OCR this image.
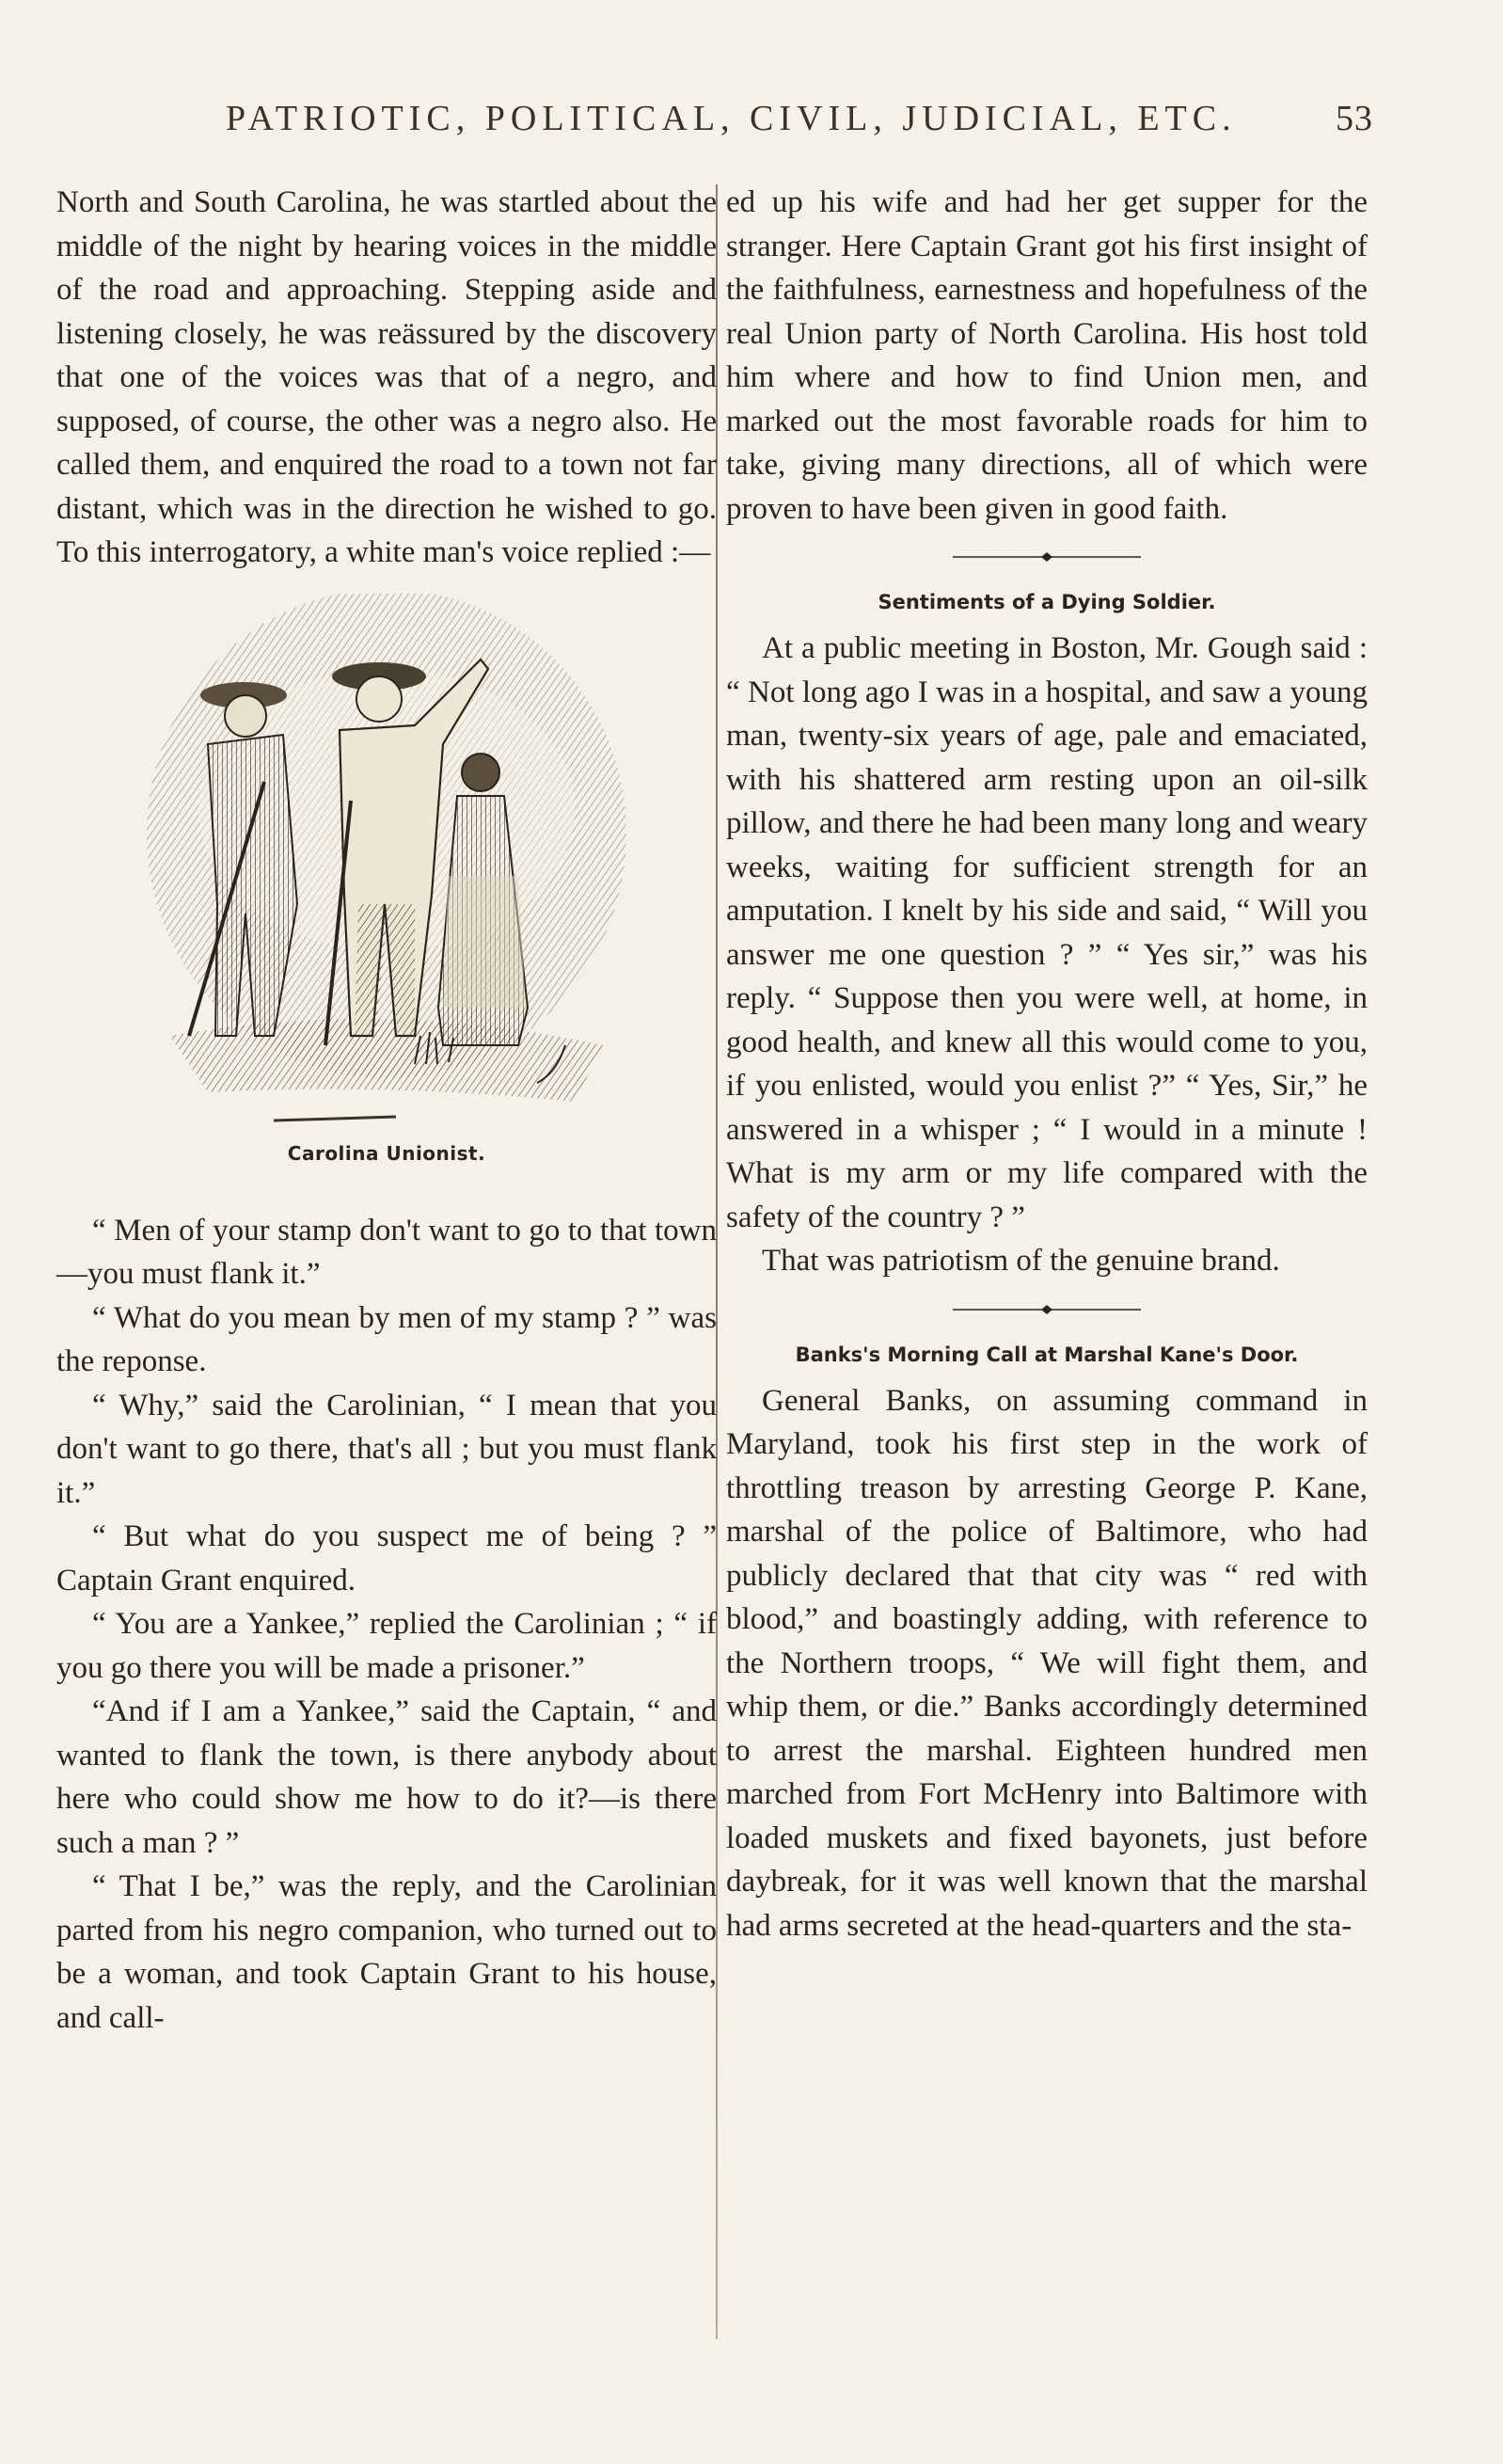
PATRIOTIC, POLITICAL, CIVIL, JUDICIAL, ETC.	53

North and South Carolina, he was startled about the middle of the night by hearing voices in the middle of the road and approaching. Stepping aside and listening closely, he was reässured by the discovery that one of the voices was that of a negro, and supposed, of course, the other was a negro also. He called them, and enquired the road to a town not far distant, which was in the direction he wished to go. To this interrogatory, a white man's voice replied :—

Carolina Unionist.

“ Men of your stamp don't want to go to that town—you must flank it.”

“ What do you mean by men of my stamp ? ” was the reponse.

“ Why,” said the Carolinian, “ I mean that you don't want to go there, that's all ; but you must flank it.”

“ But what do you suspect me of being ? ” Captain Grant enquired.

“ You are a Yankee,” replied the Carolinian ; “ if you go there you will be made a prisoner.”

“And if I am a Yankee,” said the Captain, “ and wanted to flank the town, is there anybody about here who could show me how to do it?—is there such a man ? ”

“ That I be,” was the reply, and the Carolinian parted from his negro companion, who turned out to be a woman, and took Captain Grant to his house, and call-

ed up his wife and had her get supper for the stranger. Here Captain Grant got his first insight of the faithfulness, earnestness and hopefulness of the real Union party of North Carolina. His host told him where and how to find Union men, and marked out the most favorable roads for him to take, giving many directions, all of which were proven to have been given in good faith.

Sentiments of a Dying Soldier.

At a public meeting in Boston, Mr. Gough said : “ Not long ago I was in a hospital, and saw a young man, twenty-six years of age, pale and emaciated, with his shattered arm resting upon an oil-silk pillow, and there he had been many long and weary weeks, waiting for sufficient strength for an amputation. I knelt by his side and said, “ Will you answer me one question ? ” “ Yes sir,” was his reply. “ Suppose then you were well, at home, in good health, and knew all this would come to you, if you enlisted, would you enlist ?” “ Yes, Sir,” he answered in a whisper ; “ I would in a minute ! What is my arm or my life compared with the safety of the country ? ”

That was patriotism of the genuine brand.

Banks's Morning Call at Marshal Kane's Door.

General Banks, on assuming command in Maryland, took his first step in the work of throttling treason by arresting George P. Kane, marshal of the police of Baltimore, who had publicly declared that that city was “ red with blood,” and boastingly adding, with reference to the Northern troops, “ We will fight them, and whip them, or die.” Banks accordingly determined to arrest the marshal. Eighteen hundred men marched from Fort McHenry into Baltimore with loaded muskets and fixed bayonets, just before daybreak, for it was well known that the marshal had arms secreted at the head-quarters and the sta-
